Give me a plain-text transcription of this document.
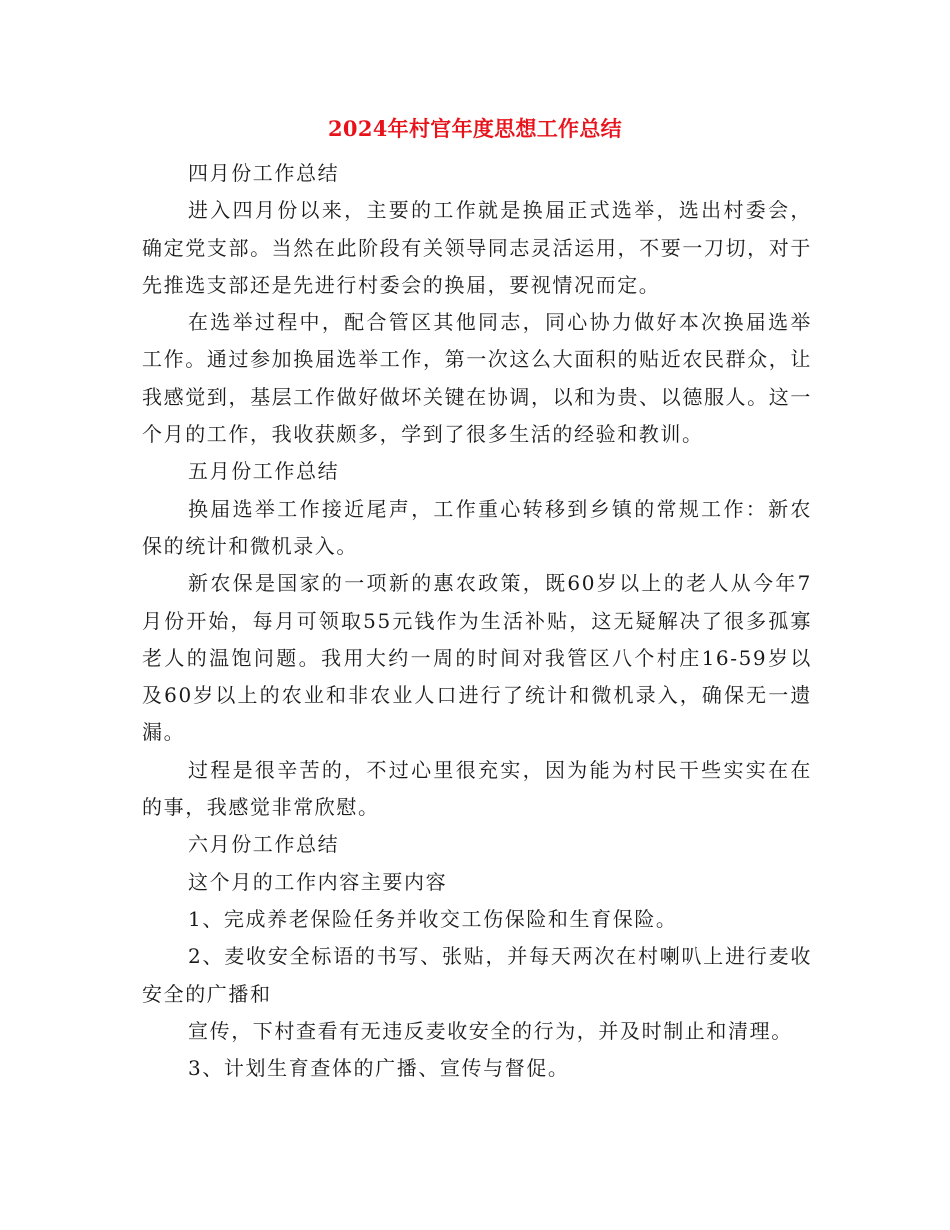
2024年村官年度思想工作总结

四月份工作总结

进入四月份以来，主要的工作就是换届正式选举，选出村委会，确定党支部。当然在此阶段有关领导同志灵活运用，不要一刀切，对于先推选支部还是先进行村委会的换届，要视情况而定。

在选举过程中，配合管区其他同志，同心协力做好本次换届选举工作。通过参加换届选举工作，第一次这么大面积的贴近农民群众，让我感觉到，基层工作做好做坏关键在协调，以和为贵、以德服人。这一个月的工作，我收获颇多，学到了很多生活的经验和教训。

五月份工作总结

换届选举工作接近尾声，工作重心转移到乡镇的常规工作：新农保的统计和微机录入。

新农保是国家的一项新的惠农政策，既60岁以上的老人从今年7月份开始，每月可领取55元钱作为生活补贴，这无疑解决了很多孤寡老人的温饱问题。我用大约一周的时间对我管区八个村庄16-59岁以及60岁以上的农业和非农业人口进行了统计和微机录入，确保无一遗漏。

过程是很辛苦的，不过心里很充实，因为能为村民干些实实在在的事，我感觉非常欣慰。

六月份工作总结

这个月的工作内容主要内容

1、完成养老保险任务并收交工伤保险和生育保险。

2、麦收安全标语的书写、张贴，并每天两次在村喇叭上进行麦收安全的广播和

宣传，下村查看有无违反麦收安全的行为，并及时制止和清理。

3、计划生育查体的广播、宣传与督促。
